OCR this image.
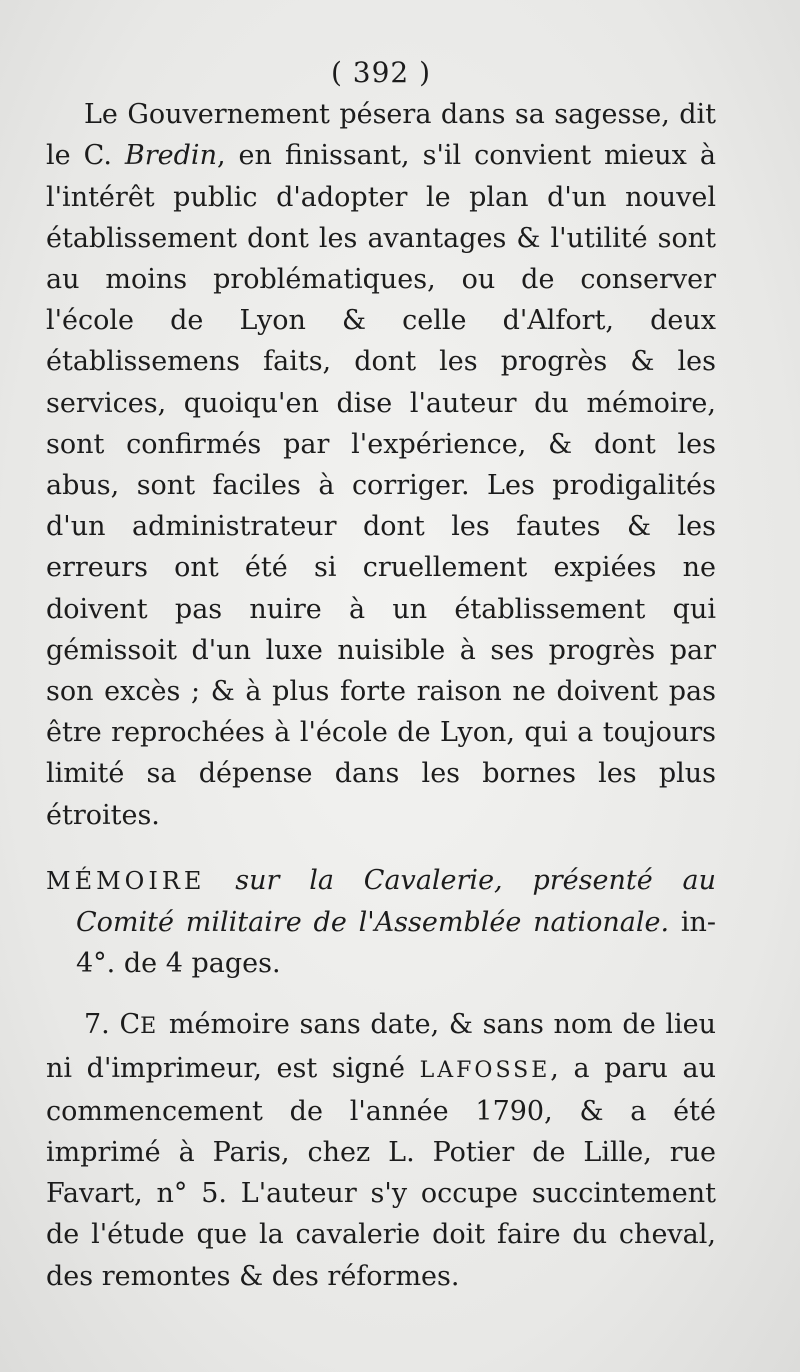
( 392 )

Le Gouvernement pésera dans sa sagesse, dit le C. Bredin, en finissant, s'il convient mieux à l'intérêt public d'adopter le plan d'un nouvel établissement dont les avantages & l'utilité sont au moins problématiques, ou de conserver l'école de Lyon & celle d'Alfort, deux établissemens faits, dont les progrès & les services, quoiqu'en dise l'auteur du mémoire, sont confirmés par l'expérience, & dont les abus, sont faciles à corriger. Les prodigalités d'un administrateur dont les fautes & les erreurs ont été si cruellement expiées ne doivent pas nuire à un établissement qui gémissoit d'un luxe nuisible à ses progrès par son excès ; & à plus forte raison ne doivent pas être reprochées à l'école de Lyon, qui a toujours limité sa dépense dans les bornes les plus étroites.

MÉMOIRE sur la Cavalerie, présenté au Comité militaire de l'Assemblée nationale. in-4°. de 4 pages.

7. CE mémoire sans date, & sans nom de lieu ni d'imprimeur, est signé LAFOSSE, a paru au commencement de l'année 1790, & a été imprimé à Paris, chez L. Potier de Lille, rue Favart, n° 5. L'auteur s'y occupe succintement de l'étude que la cavalerie doit faire du cheval, des remontes & des réformes.
